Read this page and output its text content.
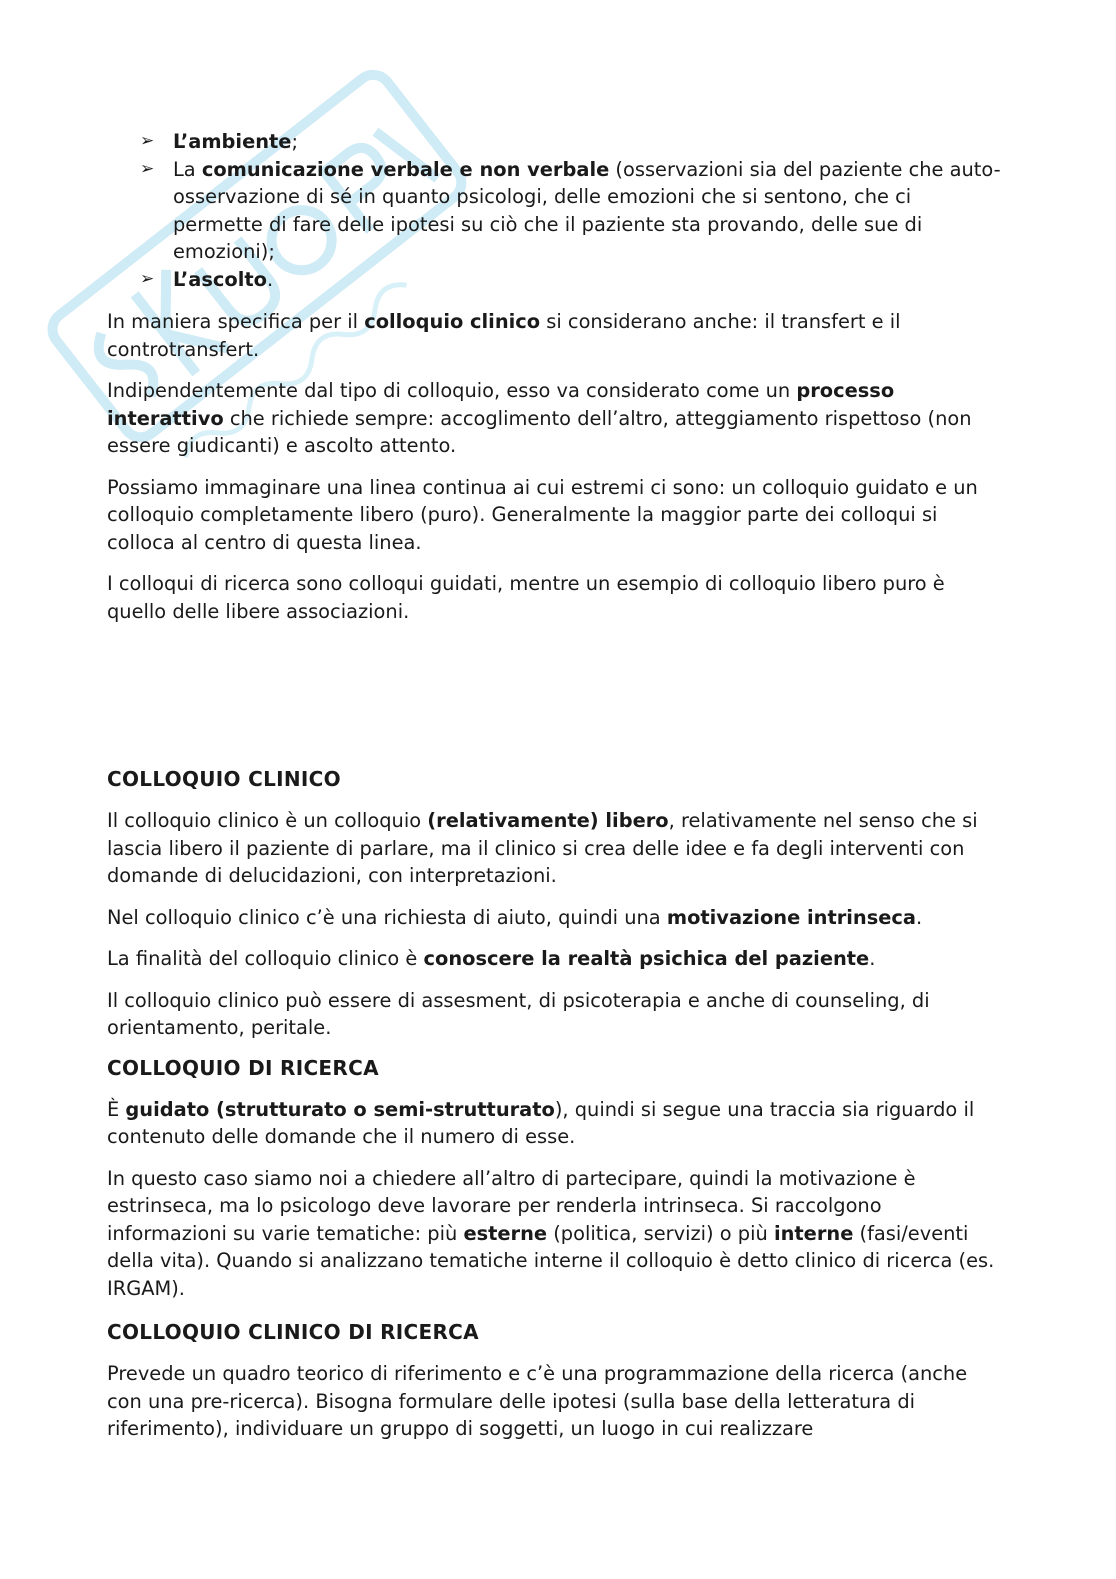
➢ L’ambiente;
➢ La comunicazione verbale e non verbale (osservazioni sia del paziente che auto-osservazione di sé in quanto psicologi, delle emozioni che si sentono, che ci permette di fare delle ipotesi su ciò che il paziente sta provando, delle sue di emozioni);
➢ L’ascolto.

In maniera specifica per il colloquio clinico si considerano anche: il transfert e il controtransfert.

Indipendentemente dal tipo di colloquio, esso va considerato come un processo interattivo che richiede sempre: accoglimento dell’altro, atteggiamento rispettoso (non essere giudicanti) e ascolto attento.

Possiamo immaginare una linea continua ai cui estremi ci sono: un colloquio guidato e un colloquio completamente libero (puro). Generalmente la maggior parte dei colloqui si colloca al centro di questa linea.

I colloqui di ricerca sono colloqui guidati, mentre un esempio di colloquio libero puro è quello delle libere associazioni.

COLLOQUIO CLINICO

Il colloquio clinico è un colloquio (relativamente) libero, relativamente nel senso che si lascia libero il paziente di parlare, ma il clinico si crea delle idee e fa degli interventi con domande di delucidazioni, con interpretazioni.

Nel colloquio clinico c’è una richiesta di aiuto, quindi una motivazione intrinseca.

La finalità del colloquio clinico è conoscere la realtà psichica del paziente.

Il colloquio clinico può essere di assesment, di psicoterapia e anche di counseling, di orientamento, peritale.

COLLOQUIO DI RICERCA

È guidato (strutturato o semi-strutturato), quindi si segue una traccia sia riguardo il contenuto delle domande che il numero di esse.

In questo caso siamo noi a chiedere all’altro di partecipare, quindi la motivazione è estrinseca, ma lo psicologo deve lavorare per renderla intrinseca. Si raccolgono informazioni su varie tematiche: più esterne (politica, servizi) o più interne (fasi/eventi della vita). Quando si analizzano tematiche interne il colloquio è detto clinico di ricerca (es. IRGAM).

COLLOQUIO CLINICO DI RICERCA

Prevede un quadro teorico di riferimento e c’è una programmazione della ricerca (anche con una pre-ricerca). Bisogna formulare delle ipotesi (sulla base della letteratura di riferimento), individuare un gruppo di soggetti, un luogo in cui realizzare
